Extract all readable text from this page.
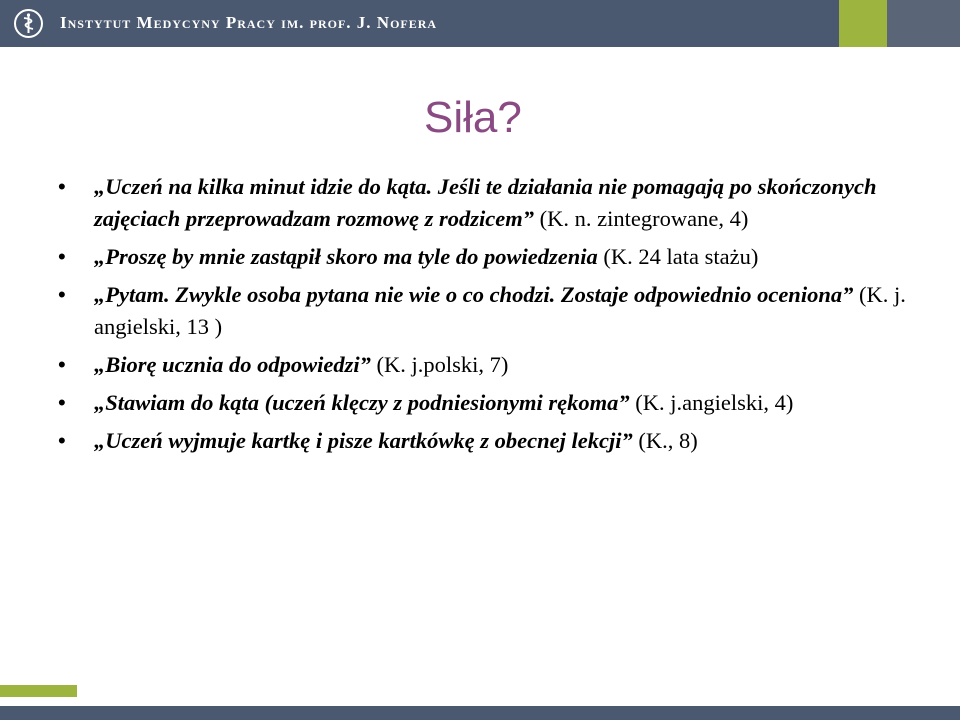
Instytut Medycyny Pracy im. prof. J. Nofera
Siła?
• „Uczeń na kilka minut idzie do kąta. Jeśli te działania nie pomagają po skończonych zajęciach przeprowadzam rozmowę z rodzicem” (K. n. zintegrowane, 4)
• „Proszę by mnie zastąpił skoro ma tyle do powiedzenia (K. 24 lata stażu)
• „Pytam. Zwykle osoba pytana nie wie o co chodzi. Zostaje odpowiednio oceniona” (K. j. angielski, 13 )
• „Biorę ucznia do odpowiedzi” (K. j.polski, 7)
• „Stawiam do kąta (uczeń klęczy z podniesionymi rękoma” (K. j.angielski, 4)
• „Uczeń wyjmuje kartkę i pisze kartkówkę z obecnej lekcji” (K., 8)
